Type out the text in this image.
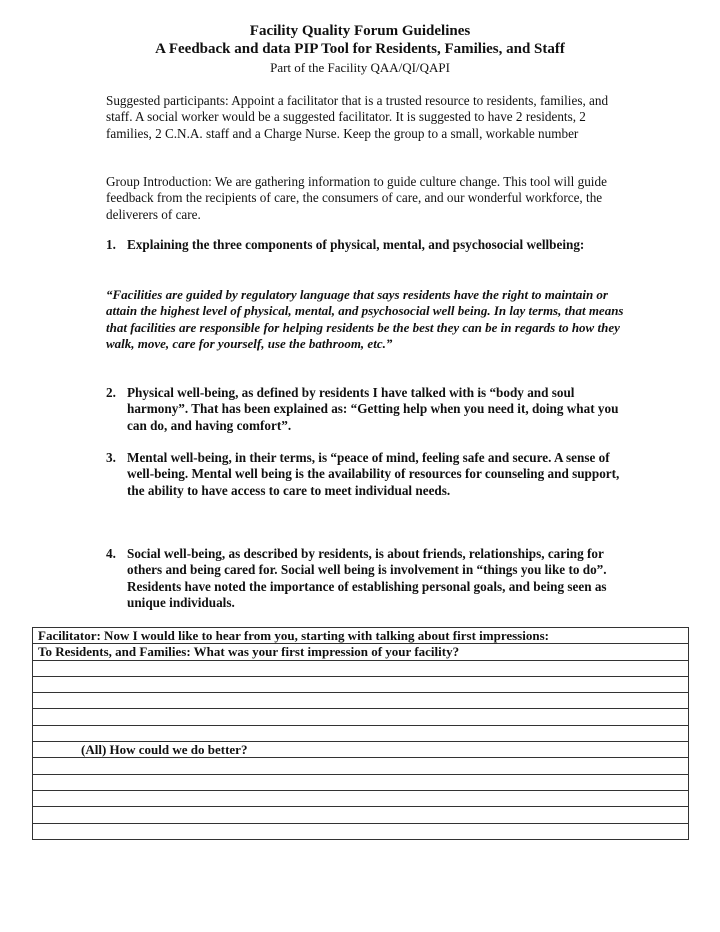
Facility Quality Forum Guidelines
A Feedback and data PIP Tool for Residents, Families, and Staff
Part of the Facility QAA/QI/QAPI
Suggested participants: Appoint a facilitator that is a trusted resource to residents, families, and staff. A social worker would be a suggested facilitator. It is suggested to have 2 residents, 2 families, 2 C.N.A. staff and a Charge Nurse. Keep the group to a small, workable number
Group Introduction: We are gathering information to guide culture change. This tool will guide feedback from the recipients of care, the consumers of care, and our wonderful workforce, the deliverers of care.
1. Explaining the three components of physical, mental, and psychosocial wellbeing:
“Facilities are guided by regulatory language that says residents have the right to maintain or attain the highest level of physical, mental, and psychosocial well being. In lay terms, that means that facilities are responsible for helping residents be the best they can be in regards to how they walk, move, care for yourself, use the bathroom, etc.”
2. Physical well-being, as defined by residents I have talked with is “body and soul harmony”. That has been explained as: “Getting help when you need it, doing what you can do, and having comfort”.
3. Mental well-being, in their terms, is “peace of mind, feeling safe and secure. A sense of well-being. Mental well being is the availability of resources for counseling and support, the ability to have access to care to meet individual needs.
4. Social well-being, as described by residents, is about friends, relationships, caring for others and being cared for. Social well being is involvement in “things you like to do”. Residents have noted the importance of establishing personal goals, and being seen as unique individuals.
Facilitator: Now I would like to hear from you, starting with talking about first impressions:
To Residents, and Families: What was your first impression of your facility?

(All) How could we do better?
